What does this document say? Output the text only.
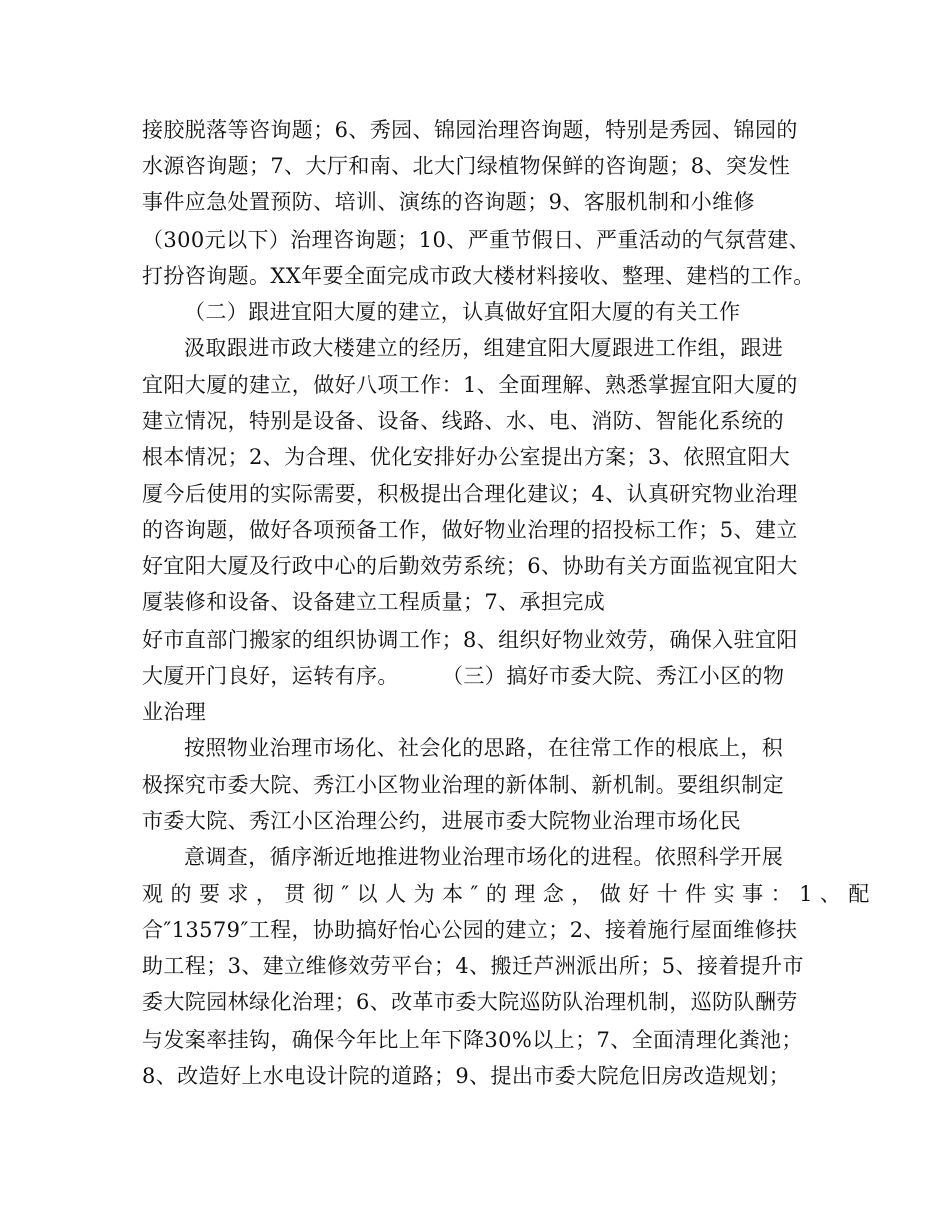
接胶脱落等咨询题；6、秀园、锦园治理咨询题，特别是秀园、锦园的
水源咨询题；7、大厅和南、北大门绿植物保鲜的咨询题；8、突发性
事件应急处置预防、培训、演练的咨询题；9、客服机制和小维修
（300元以下）治理咨询题；10、严重节假日、严重活动的气氛营建、
打扮咨询题。XX年要全面完成市政大楼材料接收、整理、建档的工作。
（二）跟进宜阳大厦的建立，认真做好宜阳大厦的有关工作
汲取跟进市政大楼建立的经历，组建宜阳大厦跟进工作组，跟进
宜阳大厦的建立，做好八项工作：1、全面理解、熟悉掌握宜阳大厦的
建立情况，特别是设备、设备、线路、水、电、消防、智能化系统的
根本情况；2、为合理、优化安排好办公室提出方案；3、依照宜阳大
厦今后使用的实际需要，积极提出合理化建议；4、认真研究物业治理
的咨询题，做好各项预备工作，做好物业治理的招投标工作；5、建立
好宜阳大厦及行政中心的后勤效劳系统；6、协助有关方面监视宜阳大
厦装修和设备、设备建立工程质量；7、承担完成
好市直部门搬家的组织协调工作；8、组织好物业效劳，确保入驻宜阳
大厦开门良好，运转有序。　　　（三）搞好市委大院、秀江小区的物
业治理
按照物业治理市场化、社会化的思路，在往常工作的根底上，积
极探究市委大院、秀江小区物业治理的新体制、新机制。要组织制定
市委大院、秀江小区治理公约，进展市委大院物业治理市场化民
意调查，循序渐近地推进物业治理市场化的进程。依照科学开展
观 的 要 求 ， 贯 彻 ″ 以 人 为 本 ″ 的 理 念 ， 做 好 十 件 实 事 ： 1 、 配
合″13579″工程，协助搞好怡心公园的建立；2、接着施行屋面维修扶
助工程；3、建立维修效劳平台；4、搬迁芦洲派出所；5、接着提升市
委大院园林绿化治理；6、改革市委大院巡防队治理机制，巡防队酬劳
与发案率挂钩，确保今年比上年下降30%以上；7、全面清理化粪池；
8、改造好上水电设计院的道路；9、提出市委大院危旧房改造规划；
